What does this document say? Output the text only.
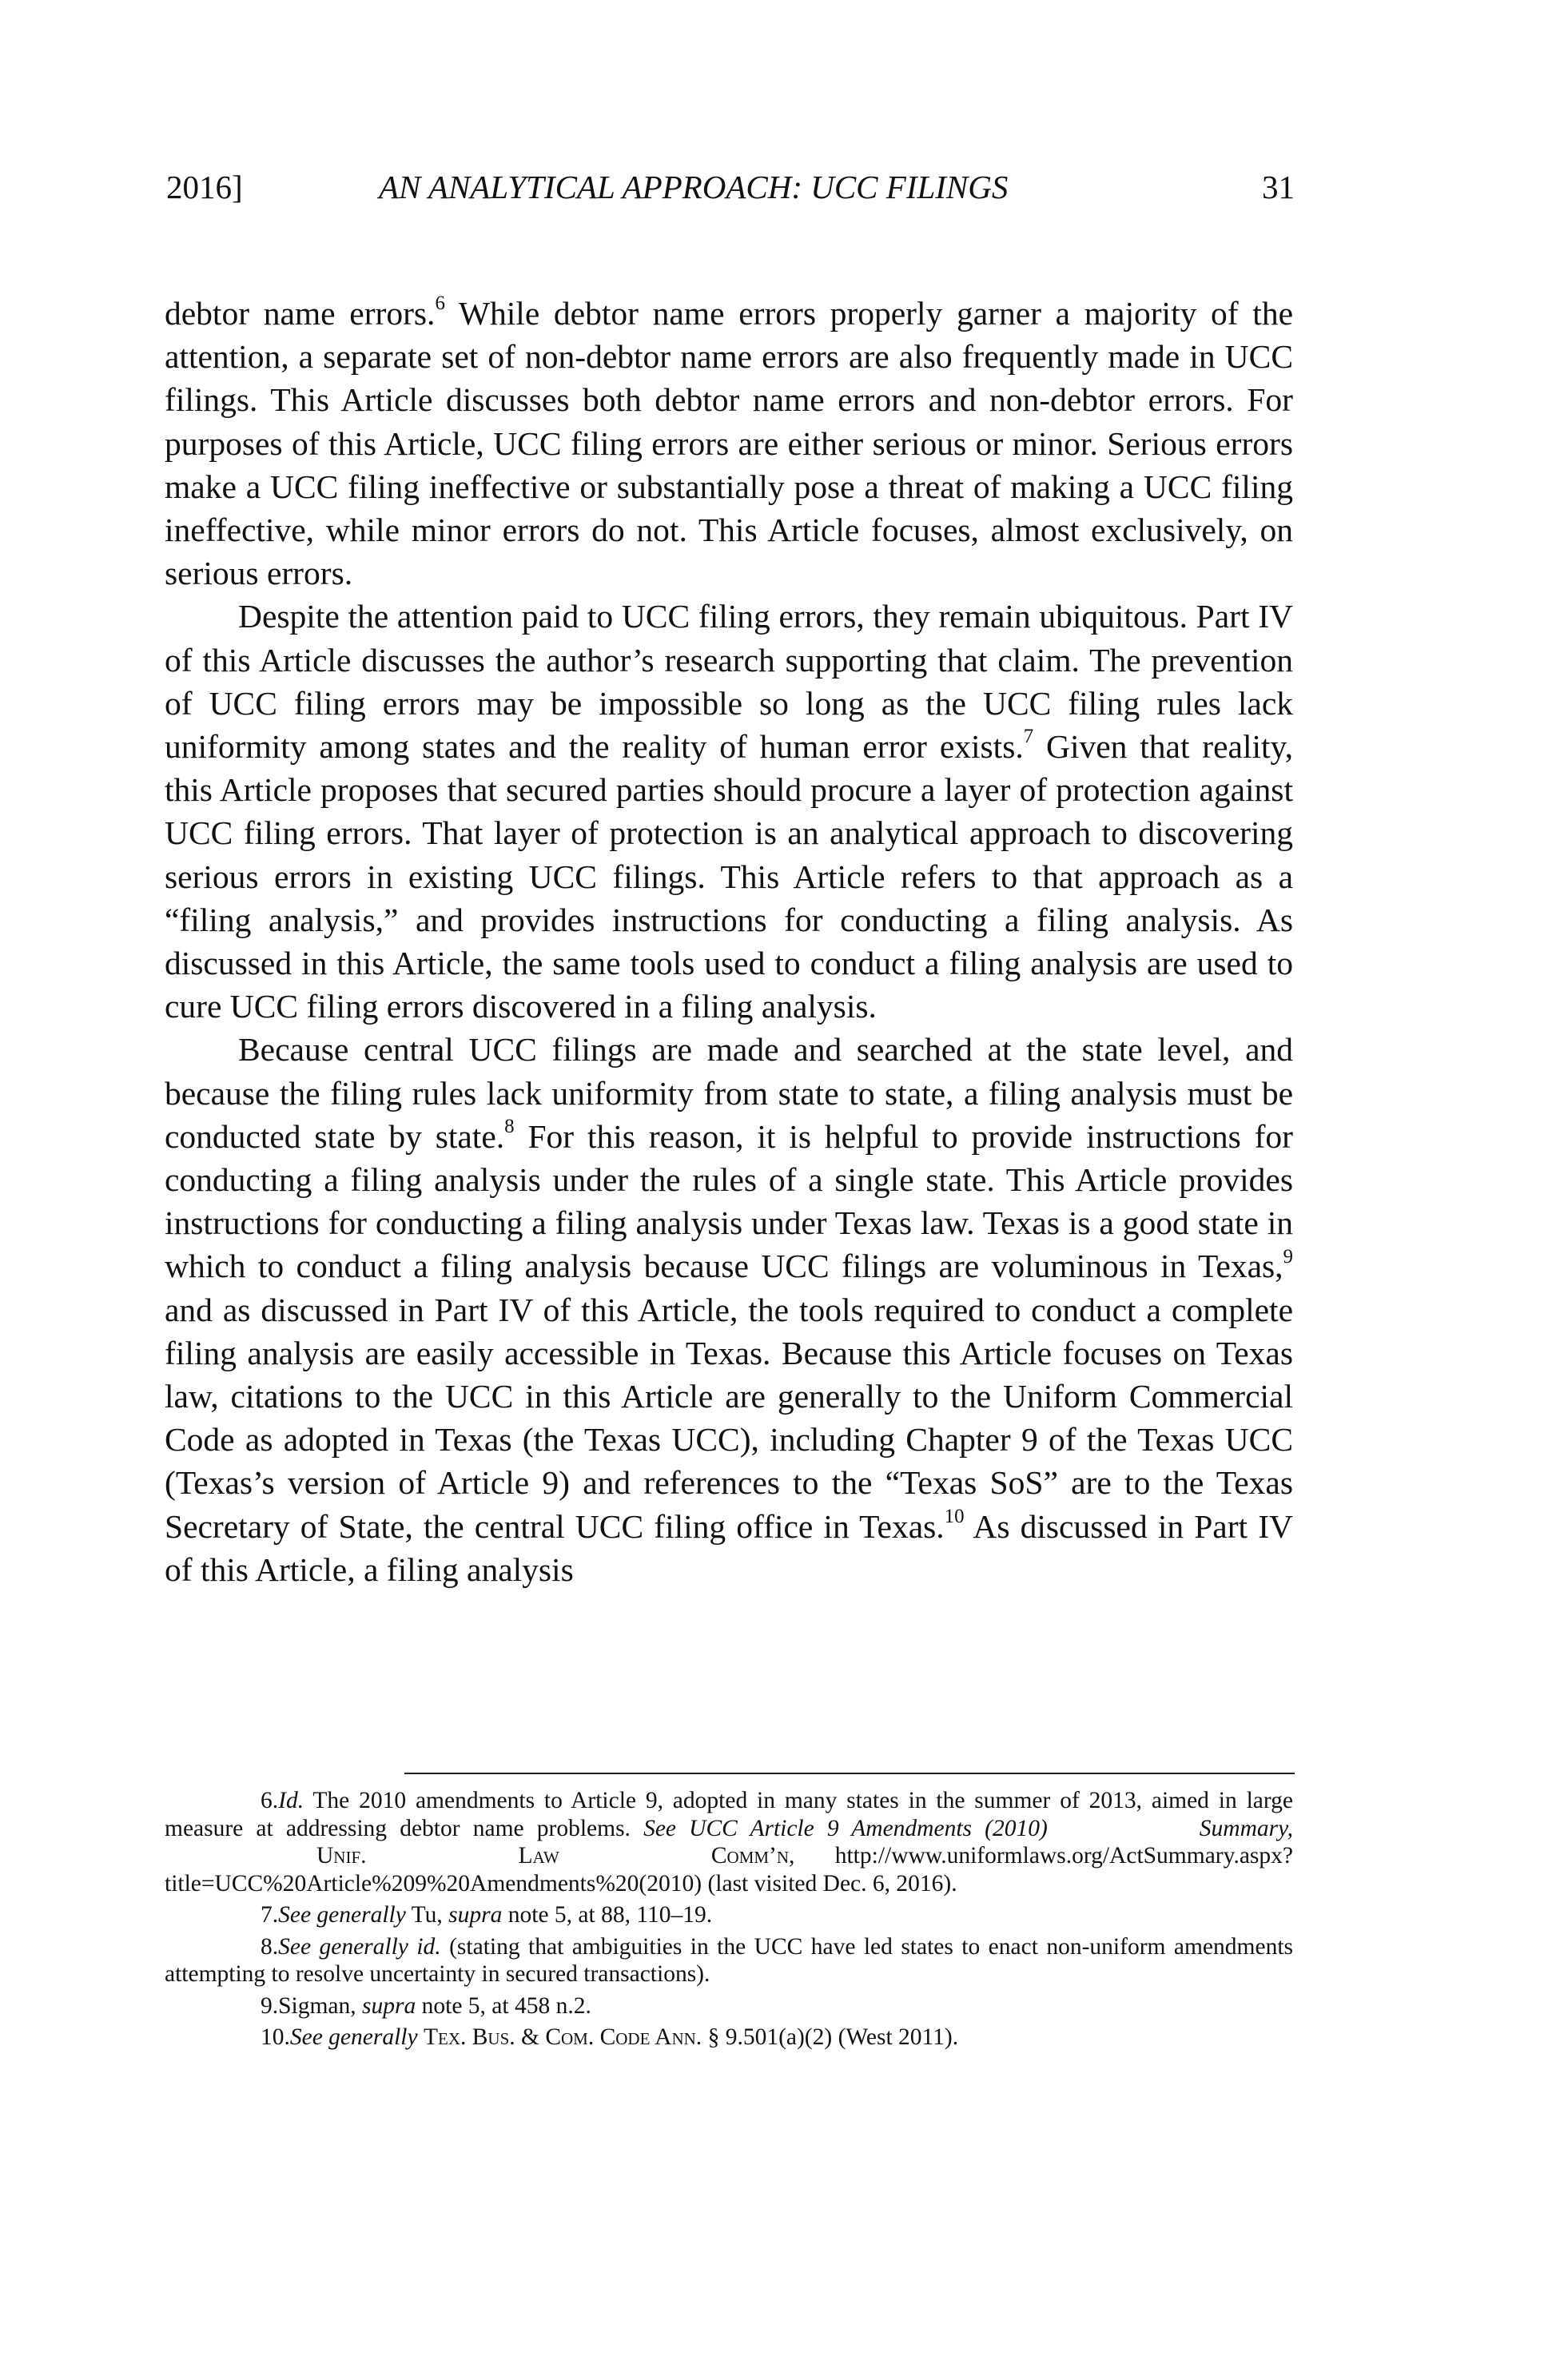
2016]	AN ANALYTICAL APPROACH: UCC FILINGS	31

debtor name errors.$^6$ While debtor name errors properly garner a majority of the attention, a separate set of non-debtor name errors are also frequently made in UCC filings. This Article discusses both debtor name errors and non-debtor errors. For purposes of this Article, UCC filing errors are either serious or minor. Serious errors make a UCC filing ineffective or substantially pose a threat of making a UCC filing ineffective, while minor errors do not. This Article focuses, almost exclusively, on serious errors.

Despite the attention paid to UCC filing errors, they remain ubiquitous. Part IV of this Article discusses the author’s research supporting that claim. The prevention of UCC filing errors may be impossible so long as the UCC filing rules lack uniformity among states and the reality of human error exists.$^7$ Given that reality, this Article proposes that secured parties should procure a layer of protection against UCC filing errors. That layer of protection is an analytical approach to discovering serious errors in existing UCC filings. This Article refers to that approach as a “filing analysis,” and provides instructions for conducting a filing analysis. As discussed in this Article, the same tools used to conduct a filing analysis are used to cure UCC filing errors discovered in a filing analysis.

Because central UCC filings are made and searched at the state level, and because the filing rules lack uniformity from state to state, a filing analysis must be conducted state by state.$^8$ For this reason, it is helpful to provide instructions for conducting a filing analysis under the rules of a single state. This Article provides instructions for conducting a filing analysis under Texas law. Texas is a good state in which to conduct a filing analysis because UCC filings are voluminous in Texas,$^9$ and as discussed in Part IV of this Article, the tools required to conduct a complete filing analysis are easily accessible in Texas. Because this Article focuses on Texas law, citations to the UCC in this Article are generally to the Uniform Commercial Code as adopted in Texas (the Texas UCC), including Chapter 9 of the Texas UCC (Texas’s version of Article 9) and references to the “Texas SoS” are to the Texas Secretary of State, the central UCC filing office in Texas.$^{10}$ As discussed in Part IV of this Article, a filing analysis

6.Id. The 2010 amendments to Article 9, adopted in many states in the summer of 2013, aimed in large measure at addressing debtor name problems. See UCC Article 9 Amendments (2010)	Summary,Unif.	Law	Comm’n, http://www.uniformlaws.org/ActSummary.aspx?title=UCC%20Article%209%20Amendments%20(2010) (last visited Dec. 6, 2016).

7.See generally Tu, supra note 5, at 88, 110–19.

8.See generally id. (stating that ambiguities in the UCC have led states to enact non-uniform amendments attempting to resolve uncertainty in secured transactions).

9.Sigman, supra note 5, at 458 n.2.

10.See generally Tex. Bus. & Com. Code Ann. § 9.501(a)(2) (West 2011).
